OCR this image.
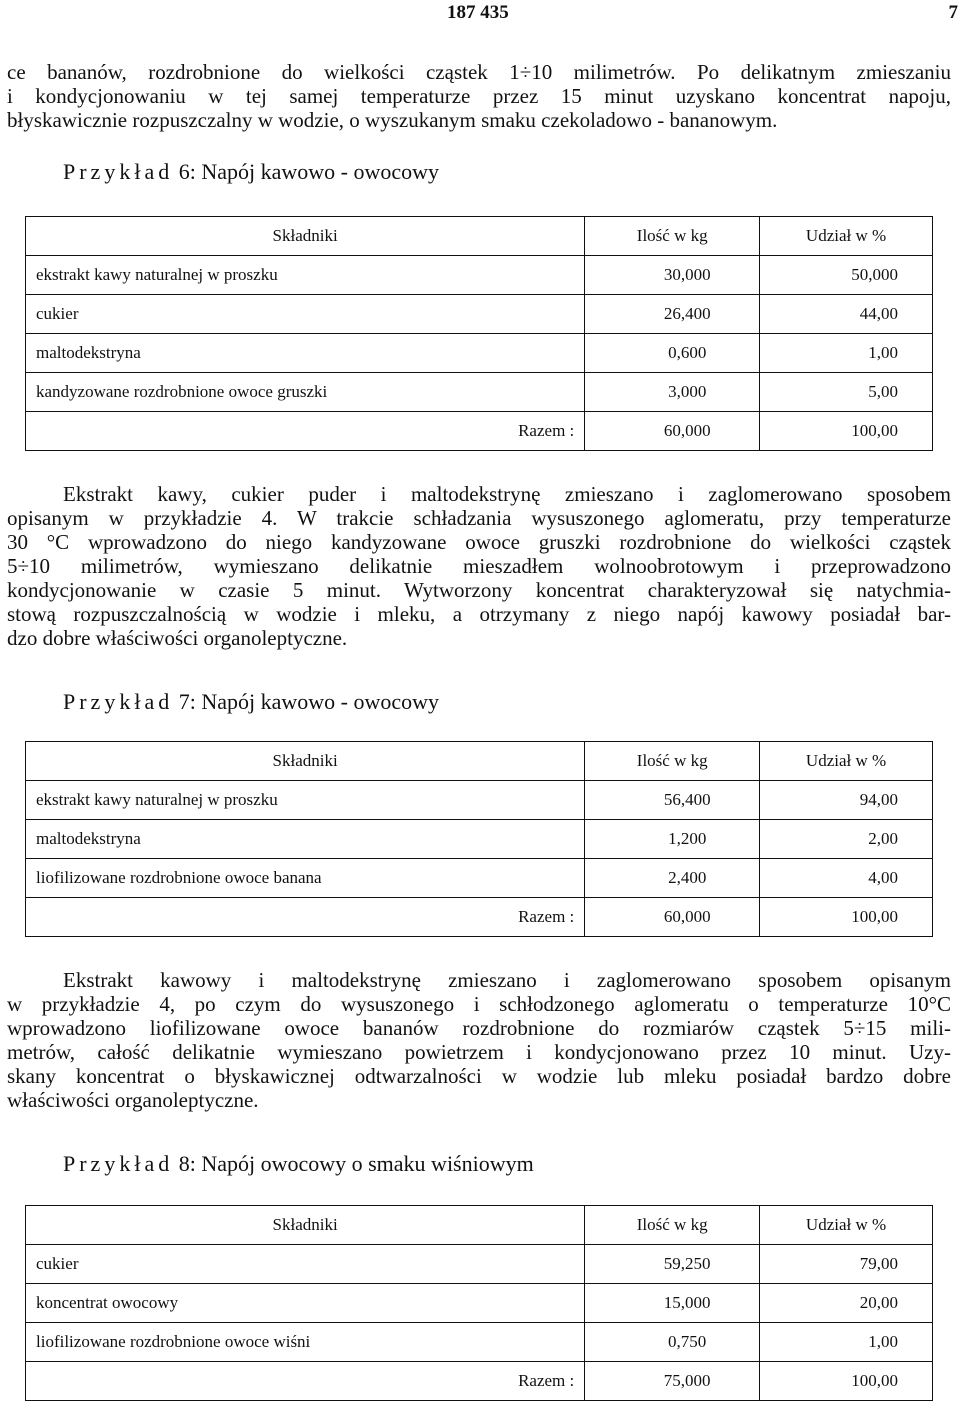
187 435	7
ce bananów, rozdrobnione do wielkości cząstek 1÷10 milimetrów. Po delikatnym zmieszaniu
i kondycjonowaniu w tej samej temperaturze przez 15 minut uzyskano koncentrat napoju,
błyskawicznie rozpuszczalny w wodzie, o wyszukanym smaku czekoladowo - bananowym.
Przykład 6: Napój kawowo - owocowy
Składniki	Ilość w kg	Udział w %
ekstrakt kawy naturalnej w proszku	30,000	50,000
cukier	26,400	44,00
maltodekstryna	0,600	1,00
kandyzowane rozdrobnione owoce gruszki	3,000	5,00
Razem :	60,000	100,00
Ekstrakt kawy, cukier puder i maltodekstrynę zmieszano i zaglomerowano sposobem
opisanym w przykładzie 4. W trakcie schładzania wysuszonego aglomeratu, przy temperaturze
30 °C wprowadzono do niego kandyzowane owoce gruszki rozdrobnione do wielkości cząstek
5÷10 milimetrów, wymieszano delikatnie mieszadłem wolnoobrotowym i przeprowadzono
kondycjonowanie w czasie 5 minut. Wytworzony koncentrat charakteryzował się natychmia-
stową rozpuszczalnością w wodzie i mleku, a otrzymany z niego napój kawowy posiadał bar-
dzo dobre właściwości organoleptyczne.
Przykład 7: Napój kawowo - owocowy
Składniki	Ilość w kg	Udział w %
ekstrakt kawy naturalnej w proszku	56,400	94,00
maltodekstryna	1,200	2,00
liofilizowane rozdrobnione owoce banana	2,400	4,00
Razem :	60,000	100,00
Ekstrakt kawowy i maltodekstrynę zmieszano i zaglomerowano sposobem opisanym
w przykładzie 4, po czym do wysuszonego i schłodzonego aglomeratu o temperaturze 10°C
wprowadzono liofilizowane owoce bananów rozdrobnione do rozmiarów cząstek 5÷15 mili-
metrów, całość delikatnie wymieszano powietrzem i kondycjonowano przez 10 minut. Uzy-
skany koncentrat o błyskawicznej odtwarzalności w wodzie lub mleku posiadał bardzo dobre
właściwości organoleptyczne.
Przykład 8: Napój owocowy o smaku wiśniowym
Składniki	Ilość w kg	Udział w %
cukier	59,250	79,00
koncentrat owocowy	15,000	20,00
liofilizowane rozdrobnione owoce wiśni	0,750	1,00
Razem :	75,000	100,00
